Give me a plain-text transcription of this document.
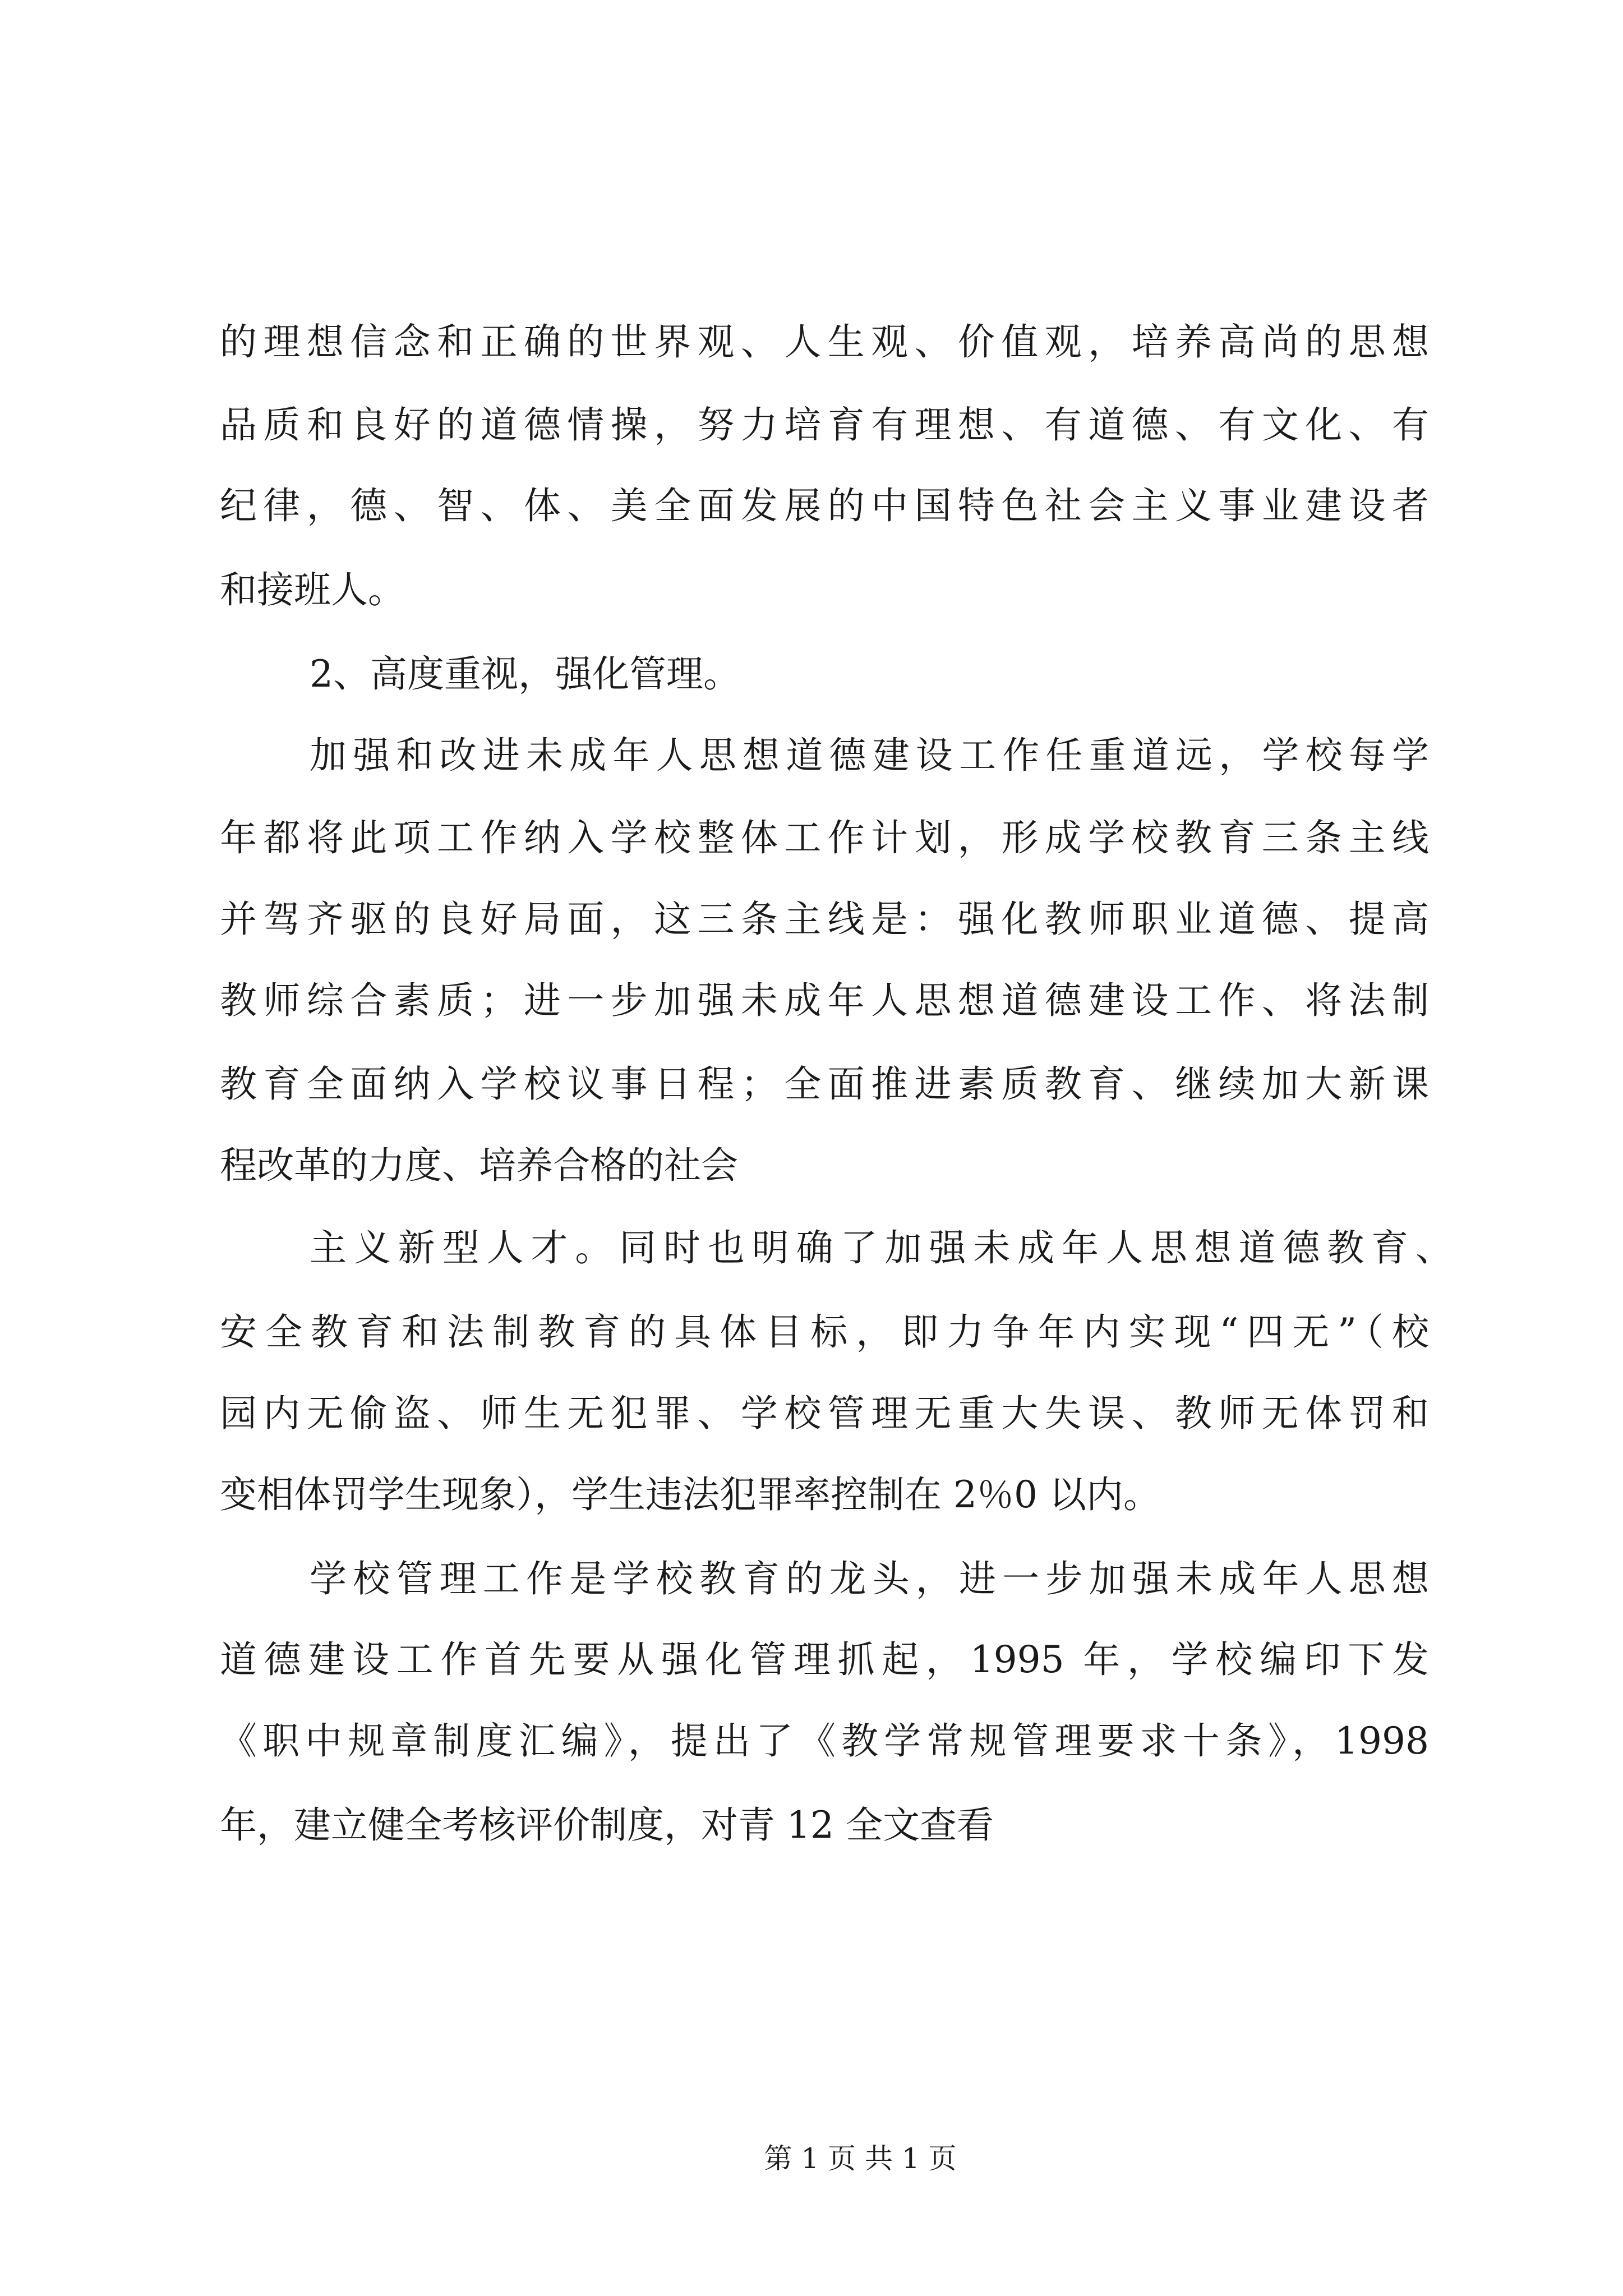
的理想信念和正确的世界观、人生观、价值观，培养高尚的思想
品质和良好的道德情操，努力培育有理想、有道德、有文化、有
纪律，德、智、体、美全面发展的中国特色社会主义事业建设者
和接班人。
2、高度重视，强化管理。
加强和改进未成年人思想道德建设工作任重道远，学校每学
年都将此项工作纳入学校整体工作计划，形成学校教育三条主线
并驾齐驱的良好局面，这三条主线是：强化教师职业道德、提高
教师综合素质；进一步加强未成年人思想道德建设工作、将法制
教育全面纳入学校议事日程；全面推进素质教育、继续加大新课
程改革的力度、培养合格的社会
主义新型人才。同时也明确了加强未成年人思想道德教育、
安全教育和法制教育的具体目标，即力争年内实现“四无”（校
园内无偷盗、师生无犯罪、学校管理无重大失误、教师无体罚和
变相体罚学生现象），学生违法犯罪率控制在 2％0 以内。
学校管理工作是学校教育的龙头，进一步加强未成年人思想
道德建设工作首先要从强化管理抓起，1995 年，学校编印下发
《职中规章制度汇编》，提出了《教学常规管理要求十条》，1998
年，建立健全考核评价制度，对青 12 全文查看
第 1 页 共 1 页
